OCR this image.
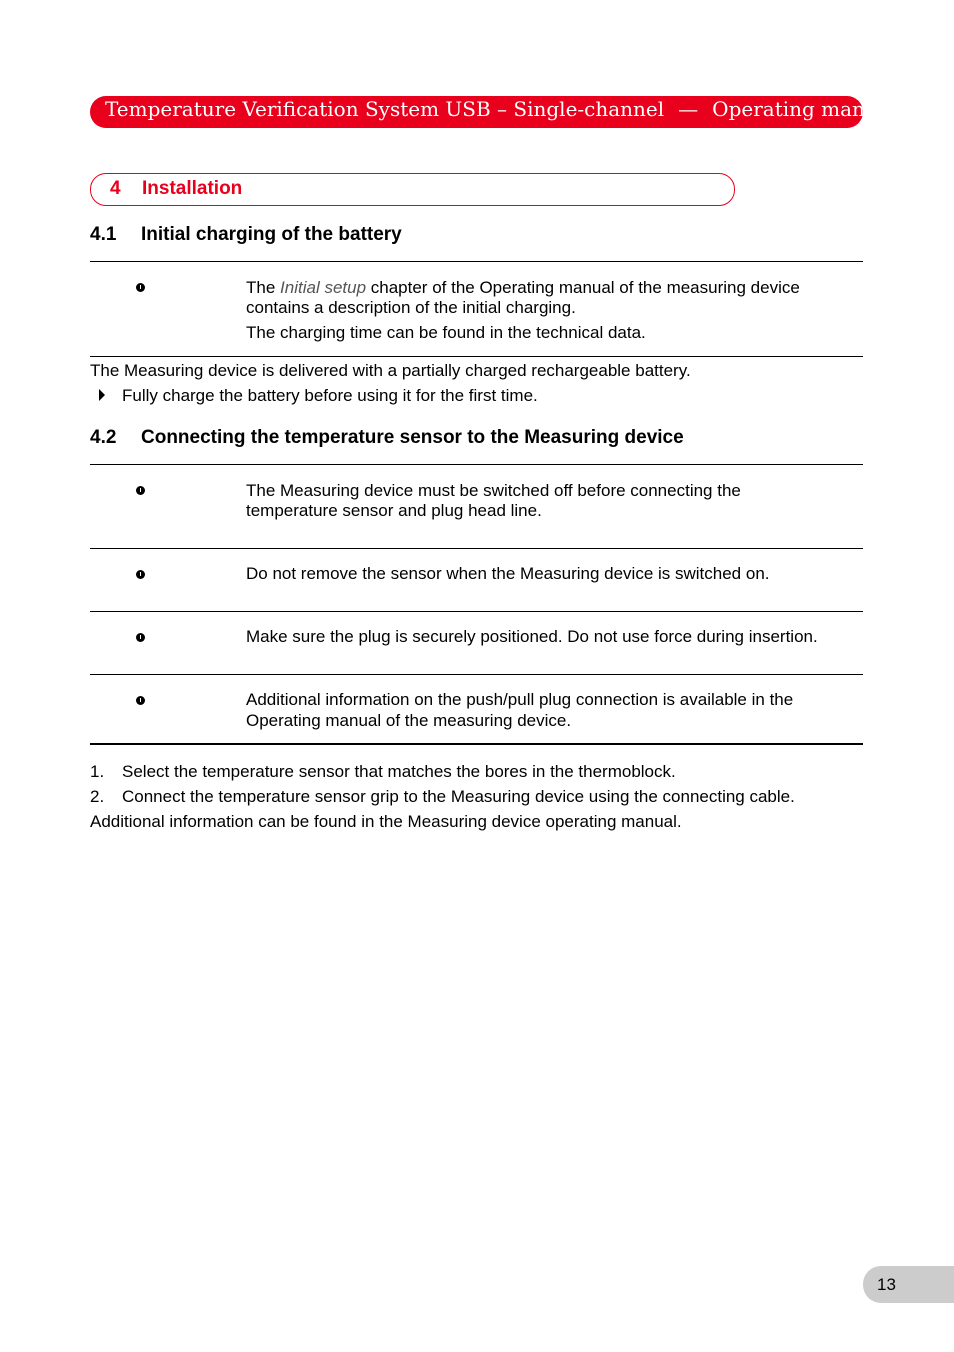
Temperature Verification System USB – Single-channel — Operating manual
4 Installation
4.1 Initial charging of the battery
The Initial setup chapter of the Operating manual of the measuring device
contains a description of the initial charging.
The charging time can be found in the technical data.
The Measuring device is delivered with a partially charged rechargeable battery.
Fully charge the battery before using it for the first time.
4.2 Connecting the temperature sensor to the Measuring device
The Measuring device must be switched off before connecting the
temperature sensor and plug head line.
Do not remove the sensor when the Measuring device is switched on.
Make sure the plug is securely positioned. Do not use force during insertion.
Additional information on the push/pull plug connection is available in the
Operating manual of the measuring device.
1. Select the temperature sensor that matches the bores in the thermoblock.
2. Connect the temperature sensor grip to the Measuring device using the connecting cable.
Additional information can be found in the Measuring device operating manual.
13
